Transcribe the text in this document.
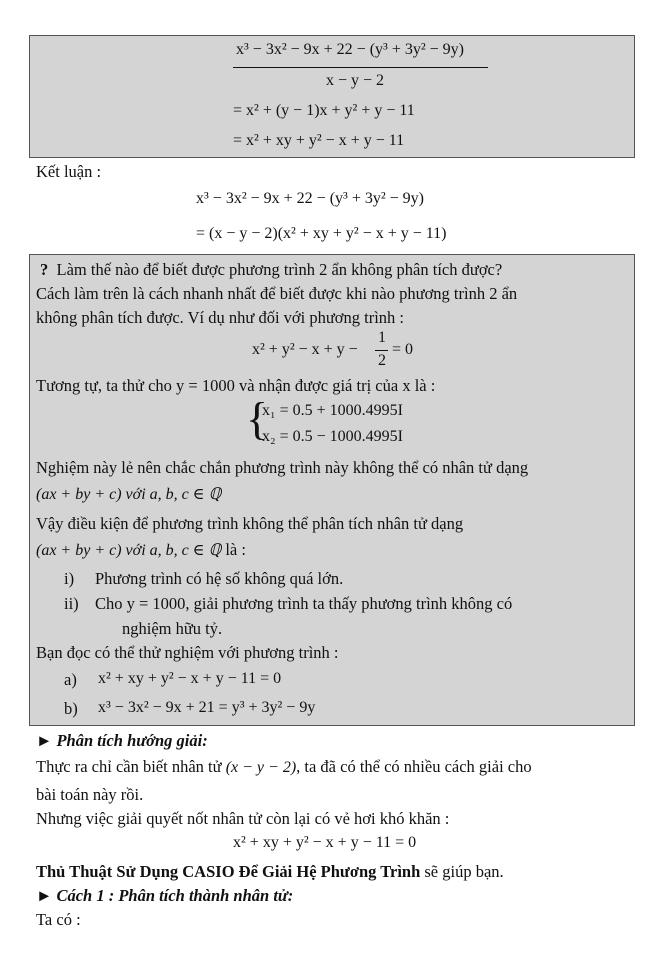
x³ − 3x² − 9x + 22 − (y³ + 3y² − 9y)
x − y − 2
= x² + (y − 1)x + y² + y − 11
= x² + xy + y² − x + y − 11
Kết luận :
x³ − 3x² − 9x + 22 − (y³ + 3y² − 9y)
= (x − y − 2)(x² + xy + y² − x + y − 11)
? Làm thế nào để biết được phương trình 2 ẩn không phân tích được?
Cách làm trên là cách nhanh nhất để biết được khi nào phương trình 2 ẩn
không phân tích được. Ví dụ như đối với phương trình :
x² + y² − x + y −
1
2
= 0
Tương tự, ta thử cho y = 1000 và nhận được giá trị của x là :
{
x₁ = 0.5 + 1000.4995I
x₂ = 0.5 − 1000.4995I
Nghiệm này lẻ nên chắc chắn phương trình này không thể có nhân tử dạng
(ax + by + c) với a, b, c ∈ ℚ
Vậy điều kiện để phương trình không thể phân tích nhân tử dạng
(ax + by + c) với a, b, c ∈ ℚ là :
i) Phương trình có hệ số không quá lớn.
ii) Cho y = 1000, giải phương trình ta thấy phương trình không có
nghiệm hữu tỷ.
Bạn đọc có thể thử nghiệm với phương trình :
a) x² + xy + y² − x + y − 11 = 0
b) x³ − 3x² − 9x + 21 = y³ + 3y² − 9y
► Phân tích hướng giải:
Thực ra chỉ cần biết nhân tử (x − y − 2), ta đã có thể có nhiều cách giải cho
bài toán này rồi.
Nhưng việc giải quyết nốt nhân tử còn lại có vẻ hơi khó khăn :
x² + xy + y² − x + y − 11 = 0
Thủ Thuật Sử Dụng CASIO Để Giải Hệ Phương Trình sẽ giúp bạn.
► Cách 1 : Phân tích thành nhân tử:
Ta có :
